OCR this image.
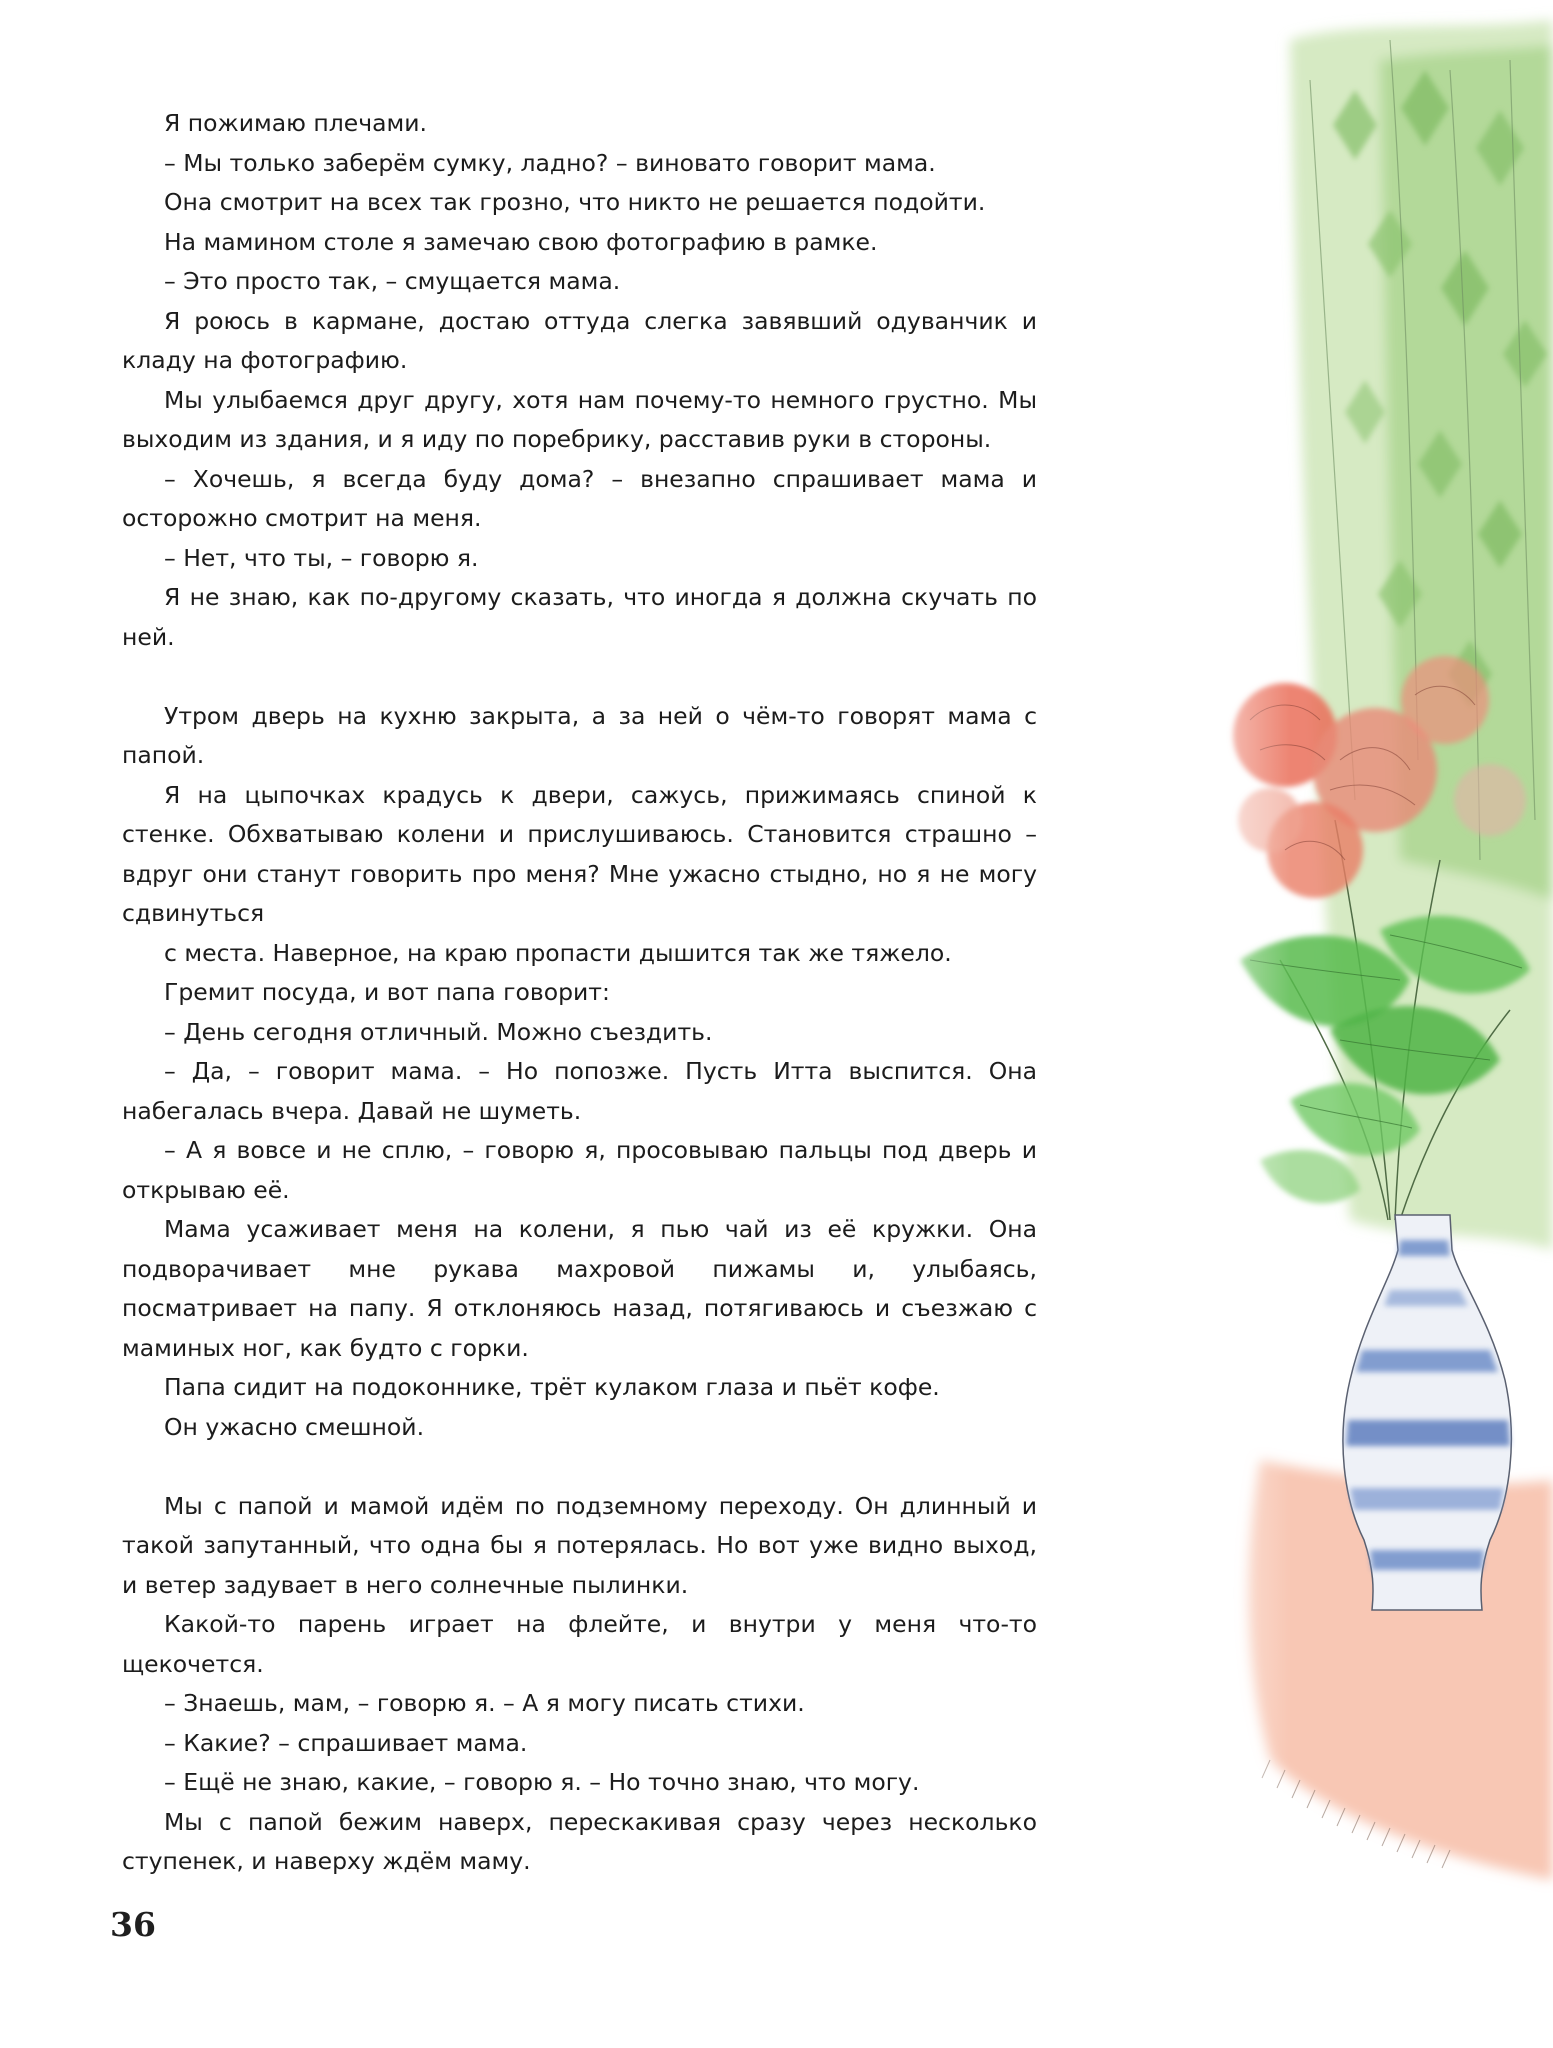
Я пожимаю плечами.

– Мы только заберём сумку, ладно? – виновато говорит мама.

Она смотрит на всех так грозно, что никто не решается подойти.

На мамином столе я замечаю свою фотографию в рамке.

– Это просто так, – смущается мама.

Я роюсь в кармане, достаю оттуда слегка завявший одуванчик и кладу на фотографию.

Мы улыбаемся друг другу, хотя нам почему-то немного грустно. Мы выходим из здания, и я иду по поребрику, расставив руки в стороны.

– Хочешь, я всегда буду дома? – внезапно спрашивает мама и осторожно смотрит на меня.

– Нет, что ты, – говорю я.

Я не знаю, как по-другому сказать, что иногда я должна скучать по ней.

Утром дверь на кухню закрыта, а за ней о чём-то говорят мама с папой.

Я на цыпочках крадусь к двери, сажусь, прижимаясь спиной к стенке. Обхватываю колени и прислушиваюсь. Становится страшно – вдруг они станут говорить про меня? Мне ужасно стыдно, но я не могу сдвинуться

с места. Наверное, на краю пропасти дышится так же тяжело.

Гремит посуда, и вот папа говорит:

– День сегодня отличный. Можно съездить.

– Да, – говорит мама. – Но попозже. Пусть Итта выспится. Она набегалась вчера. Давай не шуметь.

– А я вовсе и не сплю, – говорю я, просовываю пальцы под дверь и открываю её.

Мама усаживает меня на колени, я пью чай из её кружки. Она подворачивает мне рукава махровой пижамы и, улыбаясь, посматривает на папу. Я отклоняюсь назад, потягиваюсь и съезжаю с маминых ног, как будто с горки.

Папа сидит на подоконнике, трёт кулаком глаза и пьёт кофе.

Он ужасно смешной.

Мы с папой и мамой идём по подземному переходу. Он длинный и такой запутанный, что одна бы я потерялась. Но вот уже видно выход, и ветер задувает в него солнечные пылинки.

Какой-то парень играет на флейте, и внутри у меня что-то щекочется.

– Знаешь, мам, – говорю я. – А я могу писать стихи.

– Какие? – спрашивает мама.

– Ещё не знаю, какие, – говорю я. – Но точно знаю, что могу.

Мы с папой бежим наверх, перескакивая сразу через несколько ступенек, и наверху ждём маму.

36
